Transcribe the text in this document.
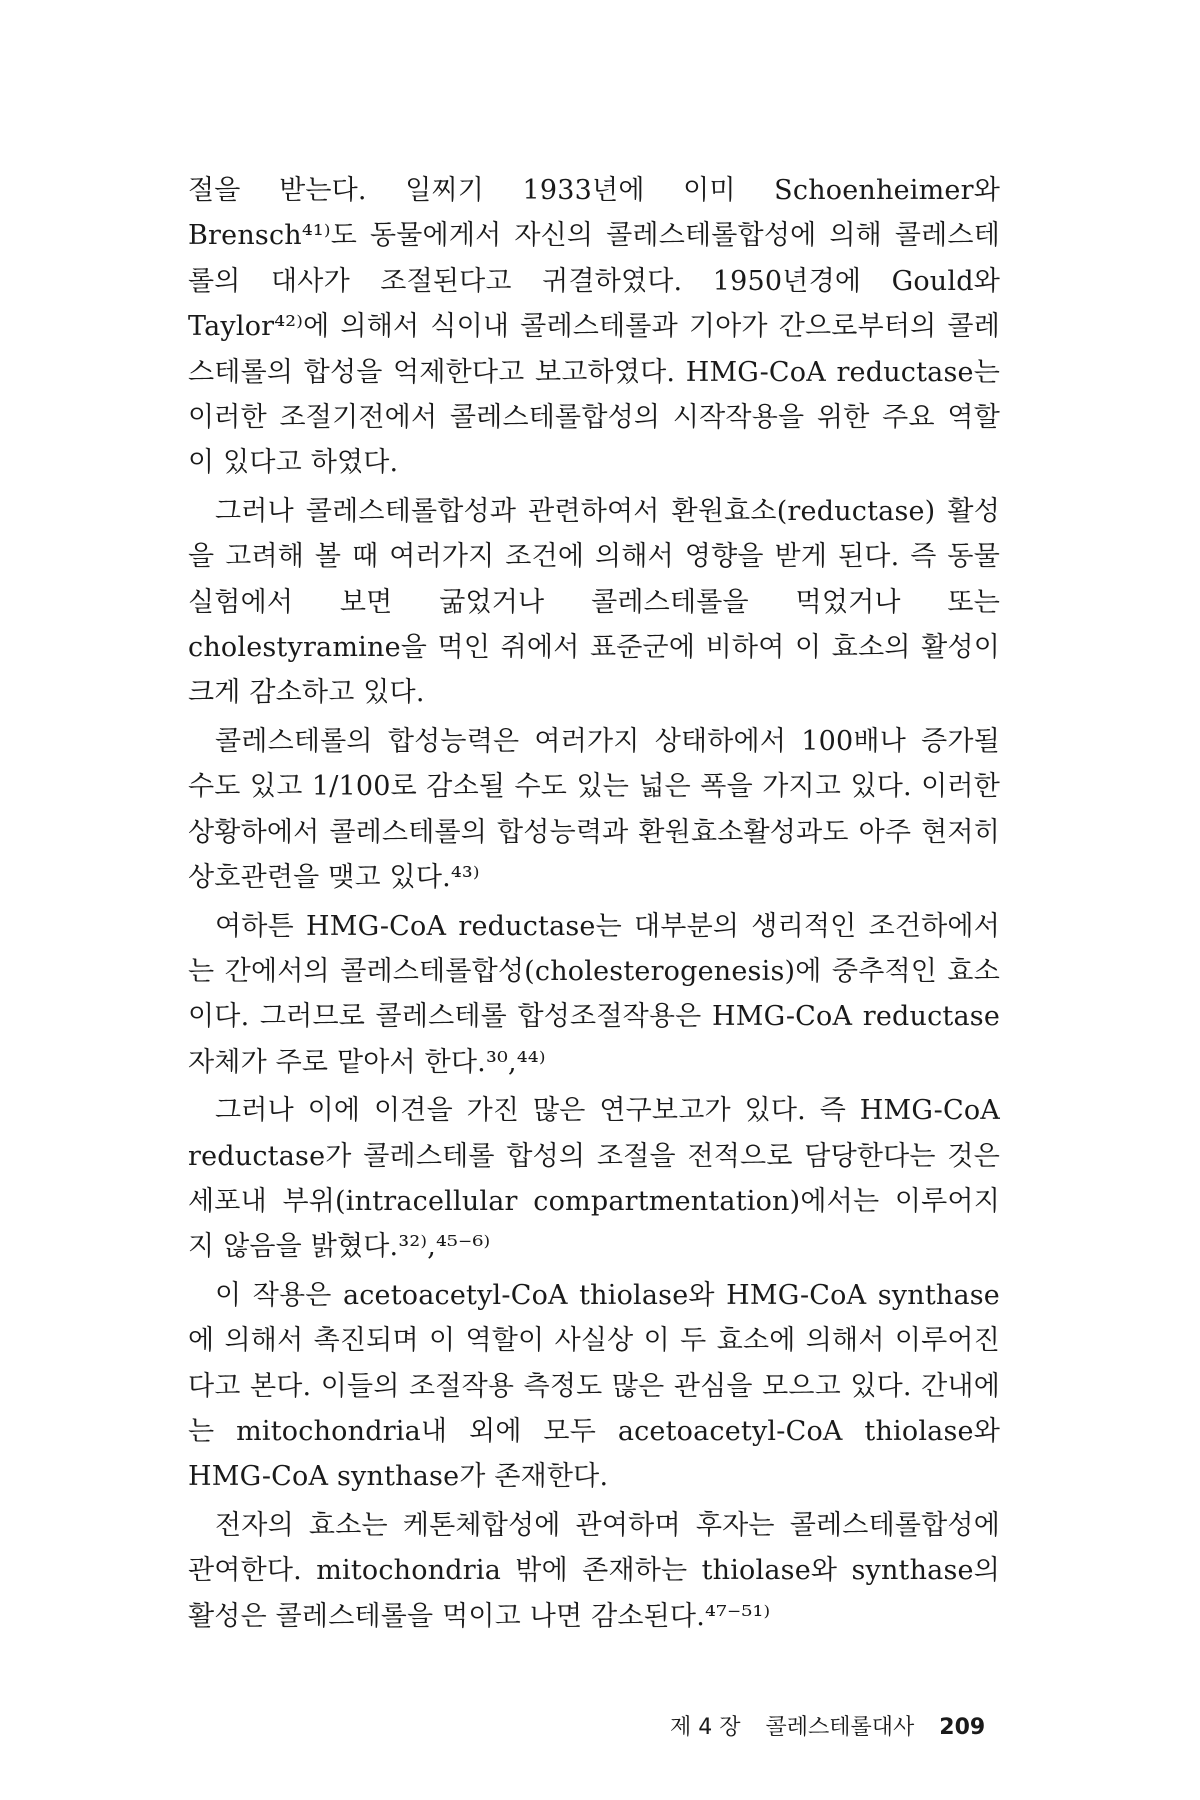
절을 받는다. 일찌기 1933년에 이미 Schoenheimer와 Brensch⁴¹⁾도 동물에게서 자신의 콜레스테롤합성에 의해 콜레스테롤의 대사가 조절된다고 귀결하였다. 1950년경에 Gould와 Taylor⁴²⁾에 의해서 식이내 콜레스테롤과 기아가 간으로부터의 콜레스테롤의 합성을 억제한다고 보고하였다. HMG-CoA reductase는 이러한 조절기전에서 콜레스테롤합성의 시작작용을 위한 주요 역할이 있다고 하였다.

그러나 콜레스테롤합성과 관련하여서 환원효소(reductase) 활성을 고려해 볼 때 여러가지 조건에 의해서 영향을 받게 된다. 즉 동물실험에서 보면 굶었거나 콜레스테롤을 먹었거나 또는 cholestyramine을 먹인 쥐에서 표준군에 비하여 이 효소의 활성이 크게 감소하고 있다.

콜레스테롤의 합성능력은 여러가지 상태하에서 100배나 증가될 수도 있고 1/100로 감소될 수도 있는 넓은 폭을 가지고 있다. 이러한 상황하에서 콜레스테롤의 합성능력과 환원효소활성과도 아주 현저히 상호관련을 맺고 있다.⁴³⁾

여하튼 HMG-CoA reductase는 대부분의 생리적인 조건하에서는 간에서의 콜레스테롤합성(cholesterogenesis)에 중추적인 효소이다. 그러므로 콜레스테롤 합성조절작용은 HMG-CoA reductase 자체가 주로 맡아서 한다.³⁰,⁴⁴⁾

그러나 이에 이견을 가진 많은 연구보고가 있다. 즉 HMG-CoA reductase가 콜레스테롤 합성의 조절을 전적으로 담당한다는 것은 세포내 부위(intracellular compartmentation)에서는 이루어지지 않음을 밝혔다.³²⁾,⁴⁵⁻⁶⁾

이 작용은 acetoacetyl-CoA thiolase와 HMG-CoA synthase에 의해서 촉진되며 이 역할이 사실상 이 두 효소에 의해서 이루어진다고 본다. 이들의 조절작용 측정도 많은 관심을 모으고 있다. 간내에는 mitochondria내 외에 모두 acetoacetyl-CoA thiolase와 HMG-CoA synthase가 존재한다.

전자의 효소는 케톤체합성에 관여하며 후자는 콜레스테롤합성에 관여한다. mitochondria 밖에 존재하는 thiolase와 synthase의 활성은 콜레스테롤을 먹이고 나면 감소된다.⁴⁷⁻⁵¹⁾

제 4 장 콜레스테롤대사 209
